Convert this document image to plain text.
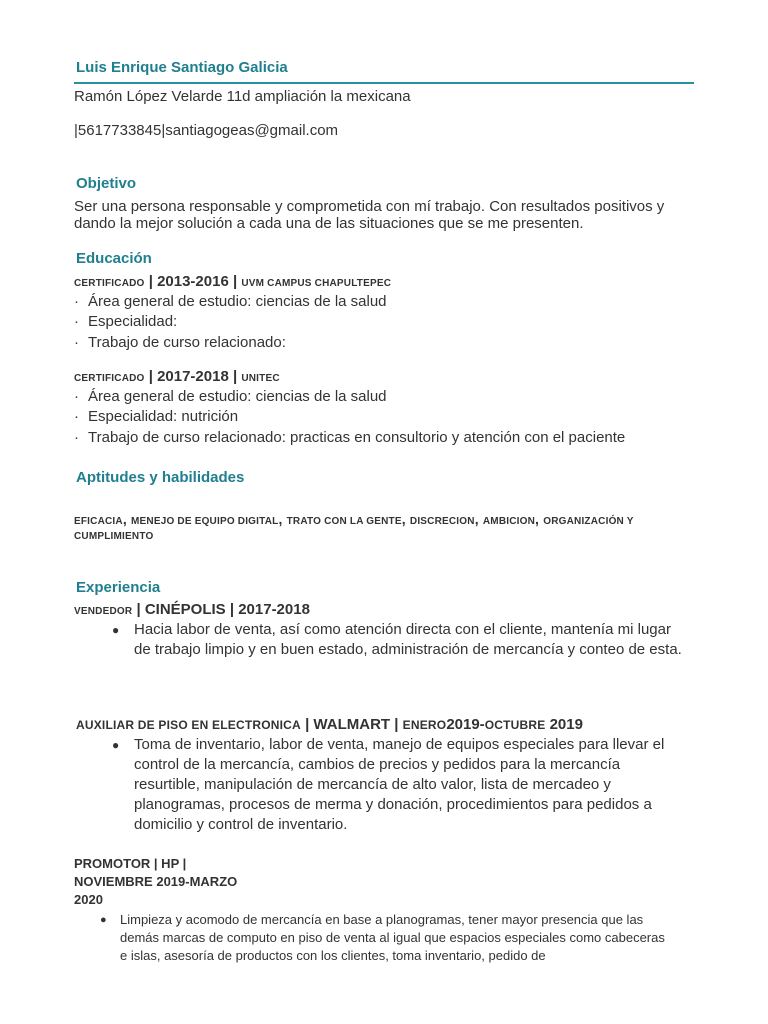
Luis Enrique Santiago Galicia
Ramón López Velarde 11d ampliación la mexicana
|5617733845|santiagogeas@gmail.com
Objetivo
Ser una persona responsable y comprometida con mí trabajo. Con resultados positivos y dando la mejor solución a cada una de las situaciones que se me presenten.
Educación
CERTIFICADO | 2013-2016 | UVM CAMPUS CHAPULTEPEC
· Área general de estudio: ciencias de la salud
· Especialidad:
· Trabajo de curso relacionado:
CERTIFICADO | 2017-2018 | UNITEC
· Área general de estudio: ciencias de la salud
· Especialidad: nutrición
· Trabajo de curso relacionado: practicas en consultorio y atención con el paciente
Aptitudes y habilidades
EFICACIA, MENEJO DE EQUIPO DIGITAL, TRATO CON LA GENTE, DISCRECION, AMBICION, ORGANIZACIÓN Y CUMPLIMIENTO
Experiencia
VENDEDOR | CINÉPOLIS | 2017-2018
● Hacia labor de venta, así como atención directa con el cliente, mantenía mi lugar de trabajo limpio y en buen estado, administración de mercancía y conteo de esta.
AUXILIAR DE PISO EN ELECTRONICA | WALMART | ENERO2019-OCTUBRE 2019
● Toma de inventario, labor de venta, manejo de equipos especiales para llevar el control de la mercancía, cambios de precios y pedidos para la mercancía resurtible, manipulación de mercancía de alto valor, lista de mercadeo y planogramas, procesos de merma y donación, procedimientos para pedidos a domicilio y control de inventario.
PROMOTOR | HP |
NOVIEMBRE 2019-MARZO
2020
● Limpieza y acomodo de mercancía en base a planogramas, tener mayor presencia que las demás marcas de computo en piso de venta al igual que espacios especiales como cabeceras e islas, asesoría de productos con los clientes, toma inventario, pedido de
